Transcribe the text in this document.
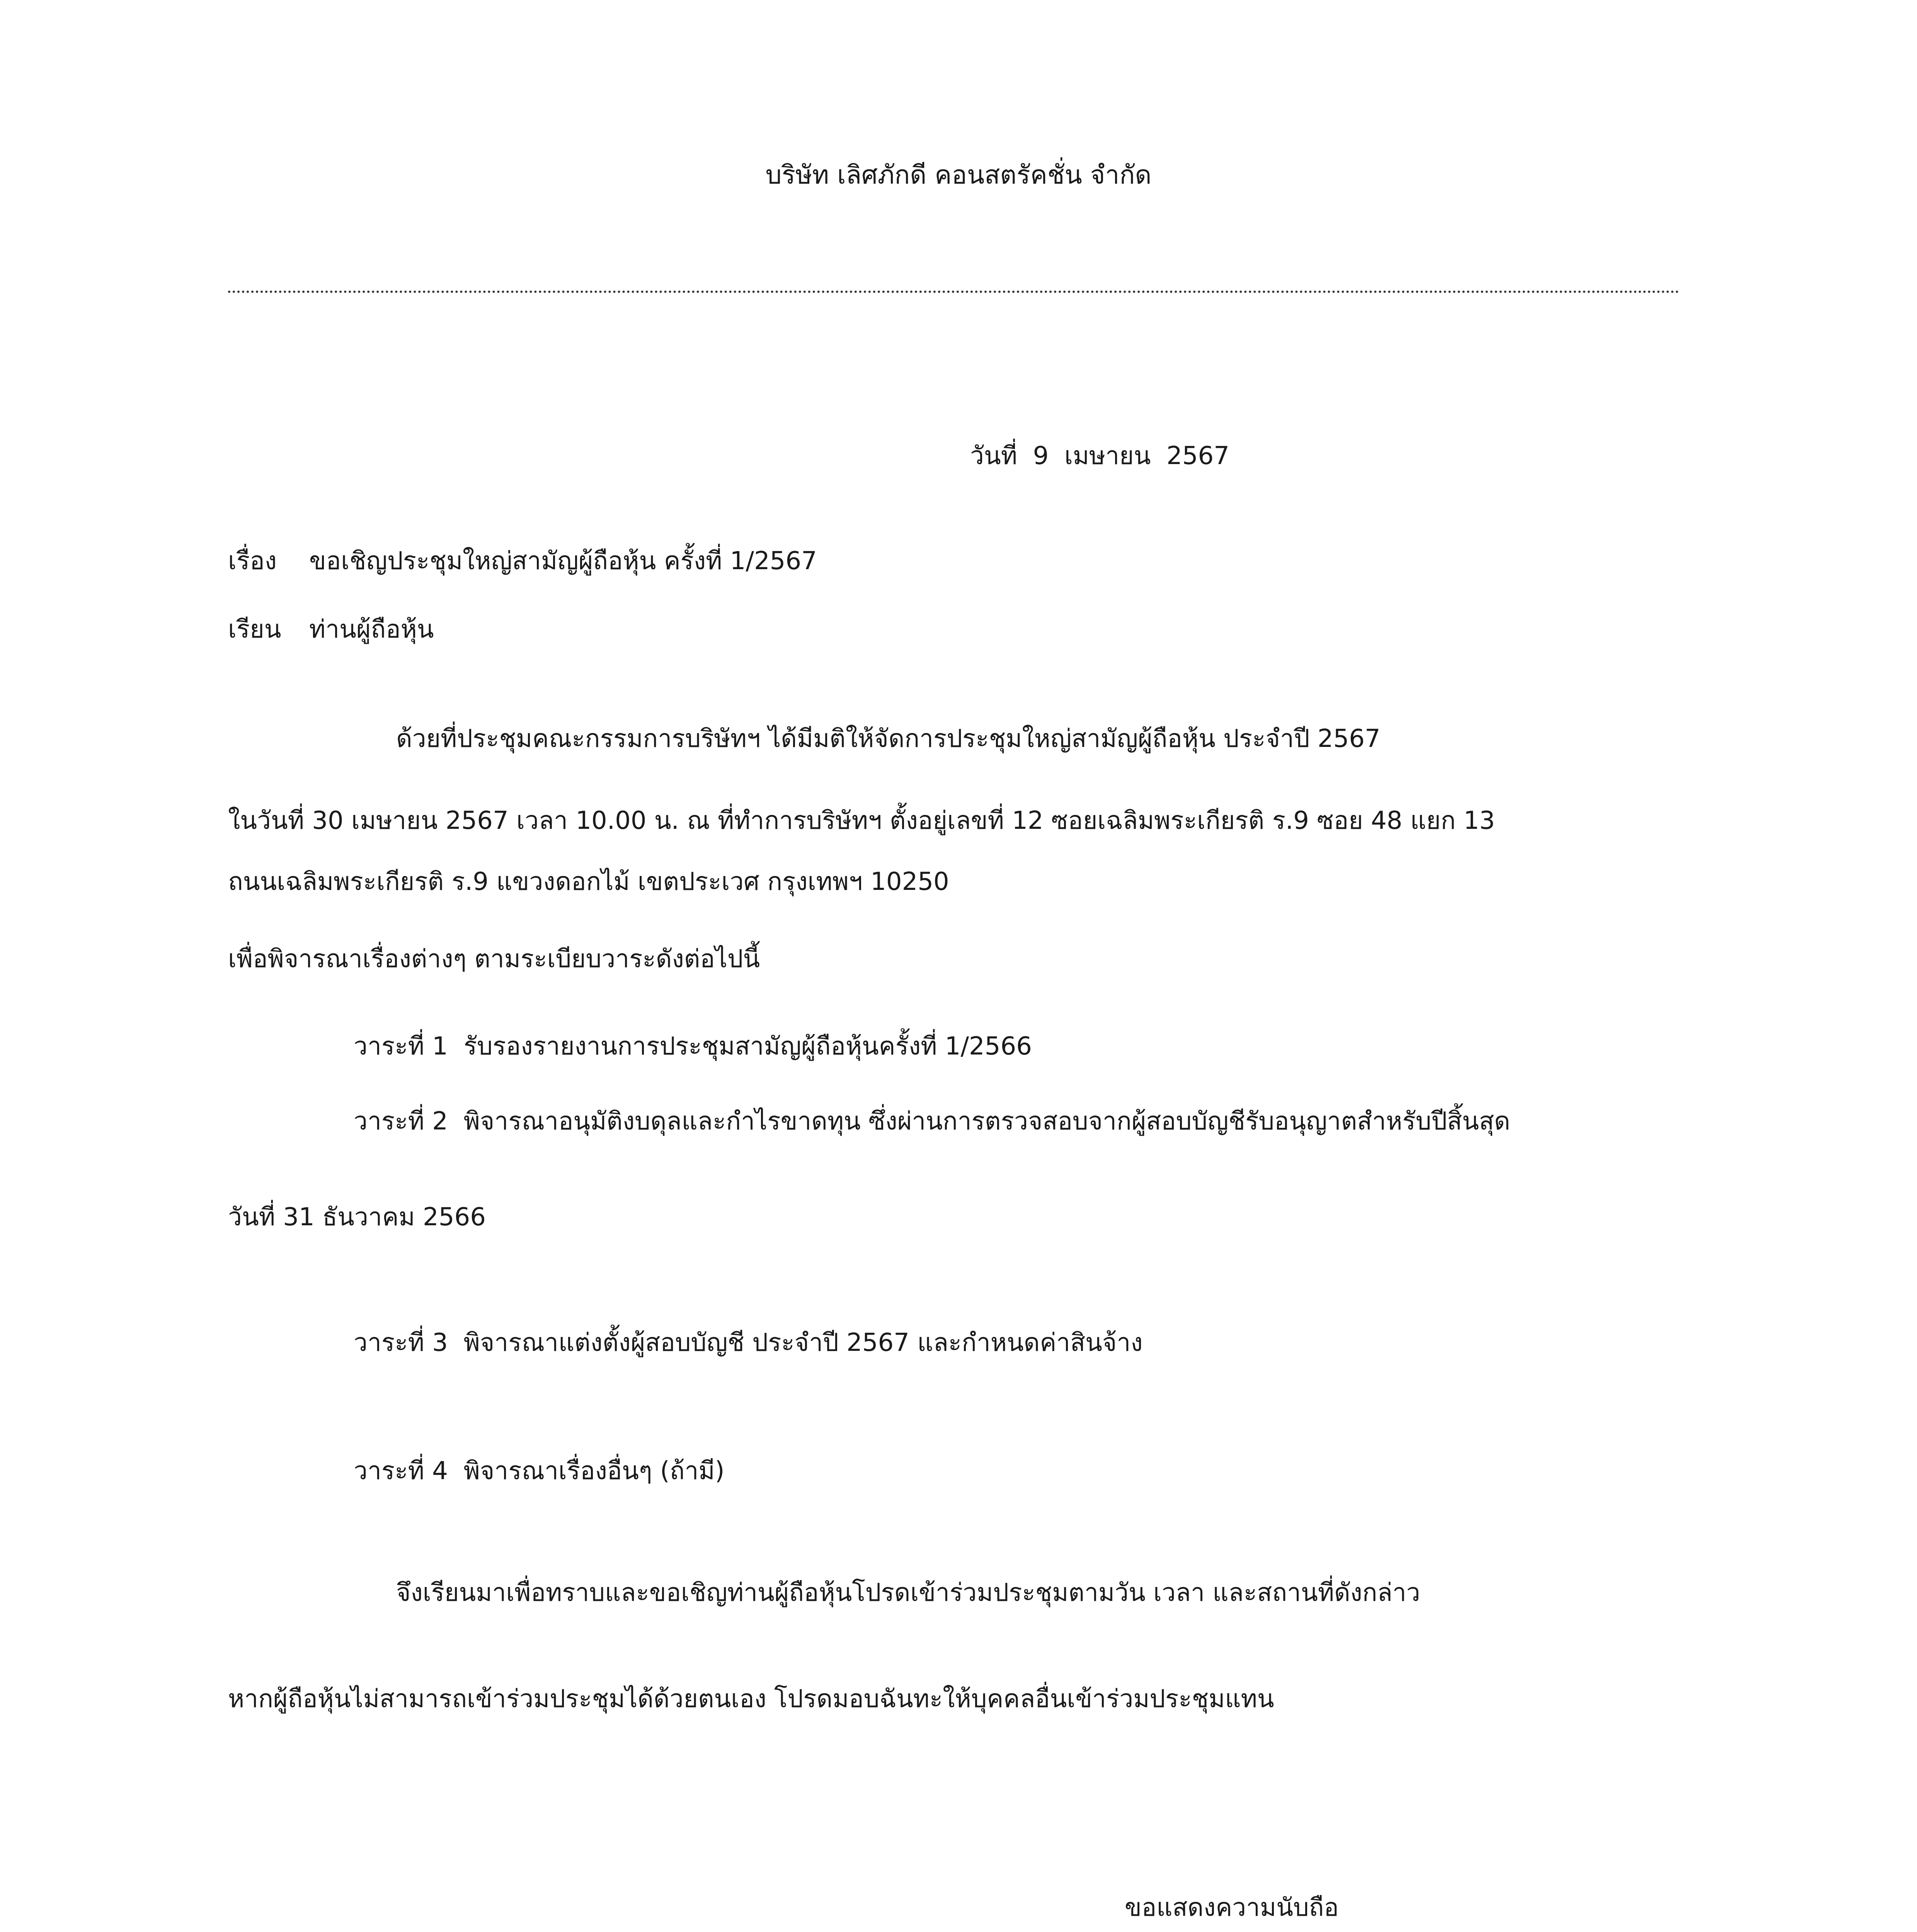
บริษัท เลิศภักดี คอนสตรัคชั่น จำกัด
วันที่ 9 เมษายน 2567
เรื่อง ขอเชิญประชุมใหญ่สามัญผู้ถือหุ้น ครั้งที่ 1/2567
เรียน ท่านผู้ถือหุ้น
ด้วยที่ประชุมคณะกรรมการบริษัทฯ ได้มีมติให้จัดการประชุมใหญ่สามัญผู้ถือหุ้น ประจำปี 2567
ในวันที่ 30 เมษายน 2567 เวลา 10.00 น. ณ ที่ทำการบริษัทฯ ตั้งอยู่เลขที่ 12 ซอยเฉลิมพระเกียรติ ร.9 ซอย 48 แยก 13
ถนนเฉลิมพระเกียรติ ร.9 แขวงดอกไม้ เขตประเวศ กรุงเทพฯ 10250
เพื่อพิจารณาเรื่องต่างๆ ตามระเบียบวาระดังต่อไปนี้
วาระที่ 1 รับรองรายงานการประชุมสามัญผู้ถือหุ้นครั้งที่ 1/2566
วาระที่ 2 พิจารณาอนุมัติงบดุลและกำไรขาดทุน ซึ่งผ่านการตรวจสอบจากผู้สอบบัญชีรับอนุญาตสำหรับปีสิ้นสุด
วันที่ 31 ธันวาคม 2566
วาระที่ 3 พิจารณาแต่งตั้งผู้สอบบัญชี ประจำปี 2567 และกำหนดค่าสินจ้าง
วาระที่ 4 พิจารณาเรื่องอื่นๆ (ถ้ามี)
จึงเรียนมาเพื่อทราบและขอเชิญท่านผู้ถือหุ้นโปรดเข้าร่วมประชุมตามวัน เวลา และสถานที่ดังกล่าว
หากผู้ถือหุ้นไม่สามารถเข้าร่วมประชุมได้ด้วยตนเอง โปรดมอบฉันทะให้บุคคลอื่นเข้าร่วมประชุมแทน
ขอแสดงความนับถือ
